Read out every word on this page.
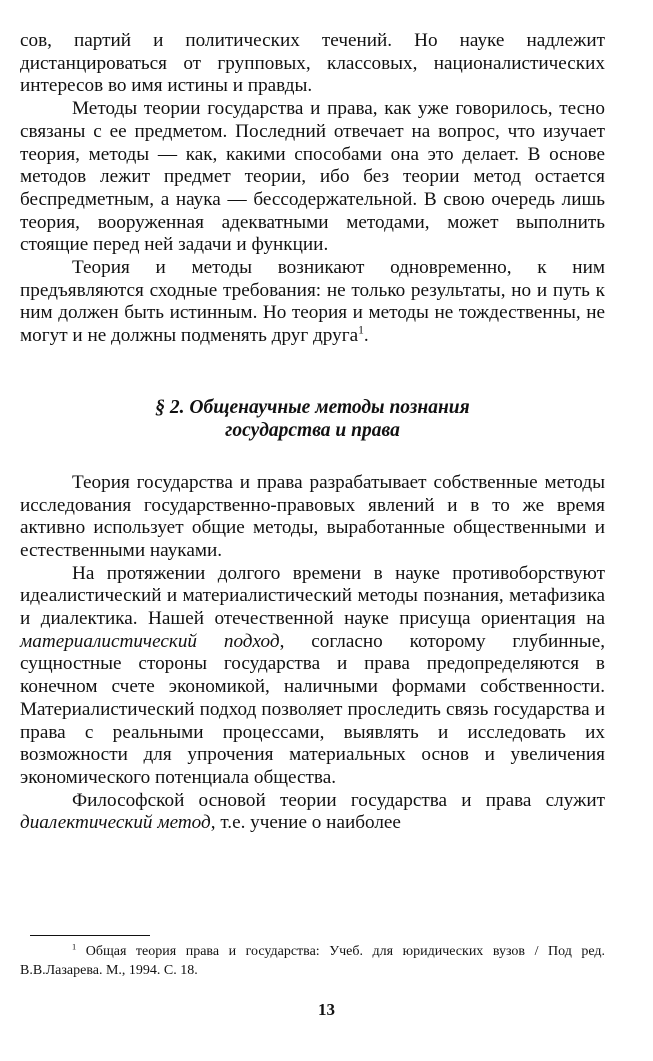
сов, партий и политических течений. Но науке надлежит дистанцироваться от групповых, классовых, националистических интересов во имя истины и правды.

Методы теории государства и права, как уже говорилось, тесно связаны с ее предметом. Последний отвечает на вопрос, что изучает теория, методы — как, какими способами она это делает. В основе методов лежит предмет теории, ибо без теории метод остается беспредметным, а наука — бессодержательной. В свою очередь лишь теория, вооруженная адекватными методами, может выполнить стоящие перед ней задачи и функции.

Теория и методы возникают одновременно, к ним предъявляются сходные требования: не только результаты, но и путь к ним должен быть истинным. Но теория и методы не тождественны, не могут и не должны подменять друг друга$^1$.

§ 2. Общенаучные методы познания
государства и права

Теория государства и права разрабатывает собственные методы исследования государственно-правовых явлений и в то же время активно использует общие методы, выработанные общественными и естественными науками.

На протяжении долгого времени в науке противоборствуют идеалистический и материалистический методы познания, метафизика и диалектика. Нашей отечественной науке присуща ориентация на материалистический подход, согласно которому глубинные, сущностные стороны государства и права предопределяются в конечном счете экономикой, наличными формами собственности. Материалистический подход позволяет проследить связь государства и права с реальными процессами, выявлять и исследовать их возможности для упрочения материальных основ и увеличения экономического потенциала общества.

Философской основой теории государства и права служит диалектический метод, т.е. учение о наиболее

$^1$ Общая теория права и государства: Учеб. для юридических вузов / Под ред. В.В.Лазарева. М., 1994. С. 18.

13
